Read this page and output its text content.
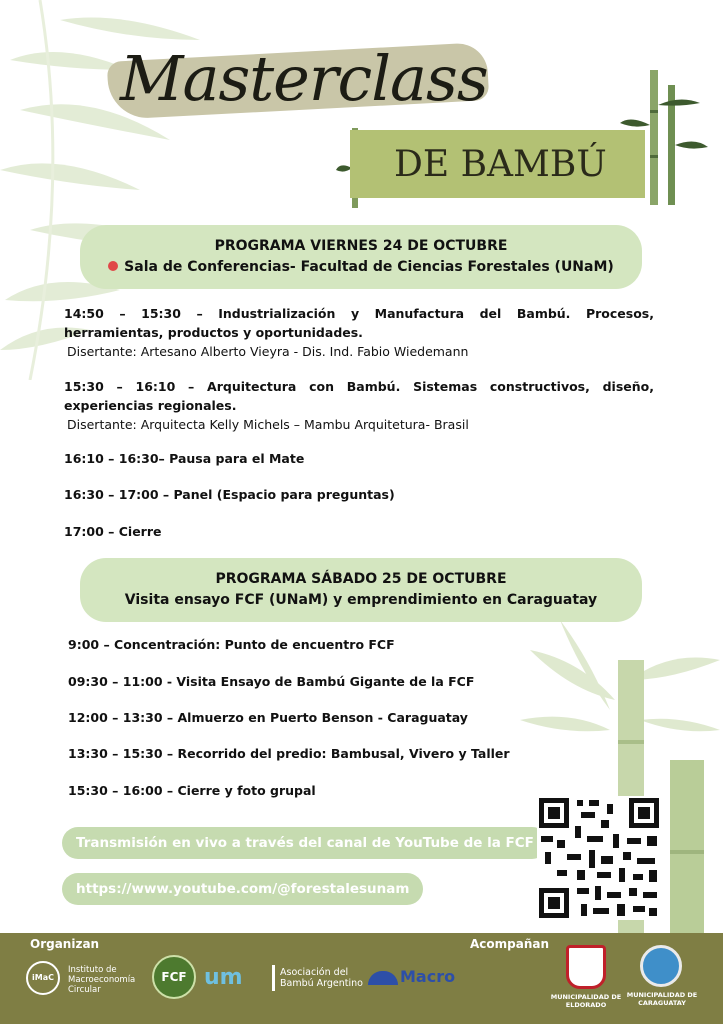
Masterclass
DE BAMBÚ
PROGRAMA VIERNES 24 DE OCTUBRE
Sala de Conferencias- Facultad de Ciencias Forestales (UNaM)
14:50 – 15:30 – Industrialización y Manufactura del Bambú. Procesos, herramientas, productos y oportunidades.
Disertante: Artesano Alberto Vieyra - Dis. Ind. Fabio Wiedemann
15:30 – 16:10 – Arquitectura con Bambú. Sistemas constructivos, diseño, experiencias regionales.
Disertante: Arquitecta Kelly Michels – Mambu Arquitetura- Brasil
16:10 – 16:30– Pausa para el Mate
16:30 – 17:00 – Panel (Espacio para preguntas)
17:00 – Cierre
PROGRAMA SÁBADO 25 DE OCTUBRE
Visita ensayo FCF (UNaM) y emprendimiento en Caraguatay
9:00 – Concentración: Punto de encuentro FCF
09:30 – 11:00 - Visita Ensayo de Bambú Gigante de la FCF
12:00 – 13:30 – Almuerzo en Puerto Benson - Caraguatay
13:30 – 15:30 – Recorrido del predio: Bambusal, Vivero y Taller
15:30 – 16:00 – Cierre y foto grupal
Transmisión en vivo a través del canal de YouTube de la FCF
https://www.youtube.com/@forestalesunam
Organizan	Acompañan
iMaC
Instituto de Macroeconomía Circular
FCF um	Asociación del Bambú Argentino Macro
MUNICIPALIDAD DE ELDORADO
MUNICIPALIDAD DE CARAGUATAY
